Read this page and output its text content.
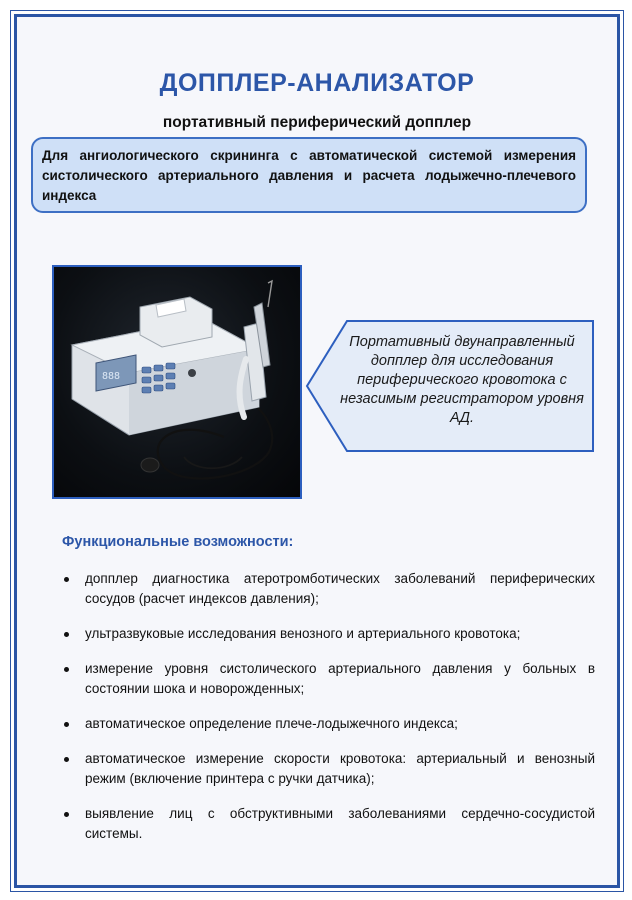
ДОППЛЕР-АНАЛИЗАТОР
портативный периферический допплер
Для ангиологического скрининга с автоматической системой измерения систолического артериального давления и расчета лодыжечно-плечевого индекса
888
Портативный двунаправленный допплер для исследования периферического кровотока с незасимым регистратором уровня АД.
Функциональные возможности:
допплер диагностика атеротромботических заболеваний периферических сосудов (расчет индексов давления);
ультразвуковые исследования венозного и артериального кровотока;
измерение уровня систолического артериального давления у больных в состоянии шока и новорожденных;
автоматическое определение плече-лодыжечного индекса;
автоматическое измерение скорости кровотока: артериальный и венозный режим (включение принтера с ручки датчика);
выявление лиц с обструктивными заболеваниями сердечно-сосудистой системы.
